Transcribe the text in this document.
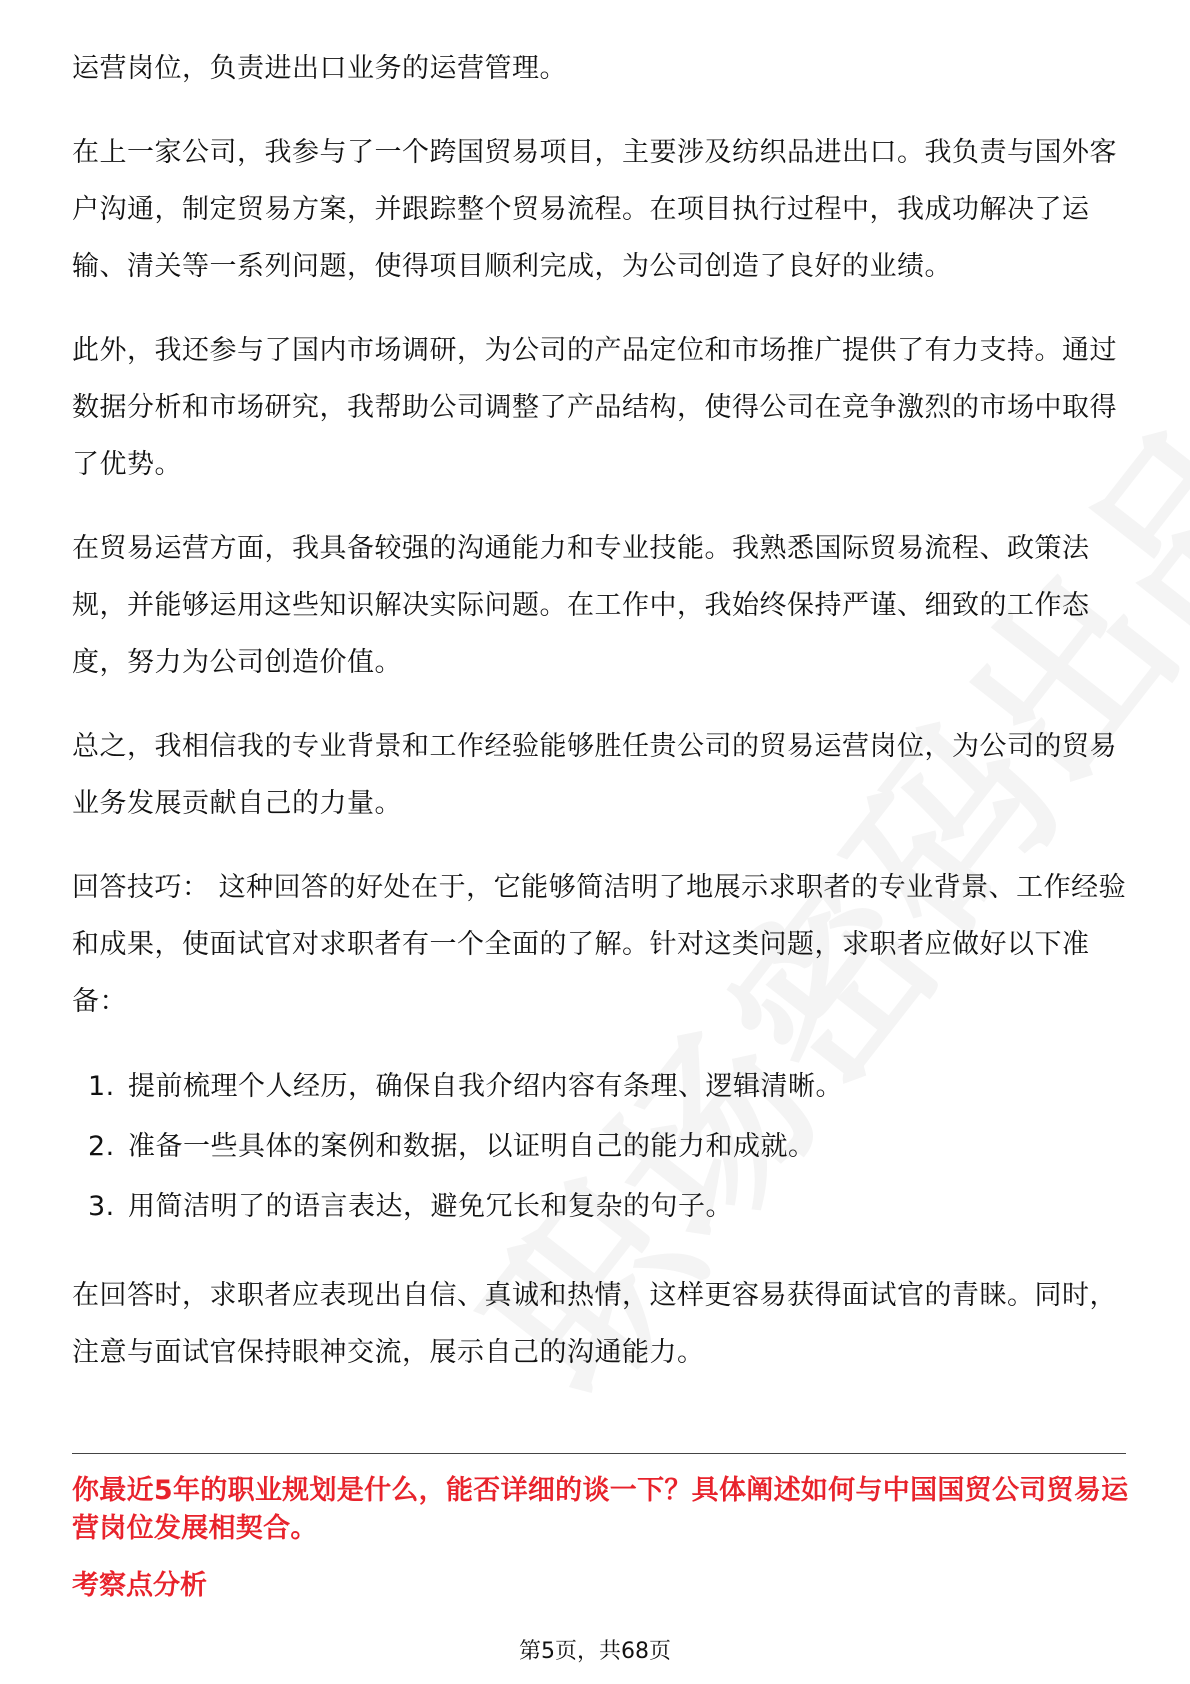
运营岗位，负责进出口业务的运营管理。

在上一家公司，我参与了一个跨国贸易项目，主要涉及纺织品进出口。我负责与国外客户沟通，制定贸易方案，并跟踪整个贸易流程。在项目执行过程中，我成功解决了运输、清关等一系列问题，使得项目顺利完成，为公司创造了良好的业绩。

此外，我还参与了国内市场调研，为公司的产品定位和市场推广提供了有力支持。通过数据分析和市场研究，我帮助公司调整了产品结构，使得公司在竞争激烈的市场中取得了优势。

在贸易运营方面，我具备较强的沟通能力和专业技能。我熟悉国际贸易流程、政策法规，并能够运用这些知识解决实际问题。在工作中，我始终保持严谨、细致的工作态度，努力为公司创造价值。

总之，我相信我的专业背景和工作经验能够胜任贵公司的贸易运营岗位，为公司的贸易业务发展贡献自己的力量。

回答技巧： 这种回答的好处在于，它能够简洁明了地展示求职者的专业背景、工作经验和成果，使面试官对求职者有一个全面的了解。针对这类问题，求职者应做好以下准备：

1. 提前梳理个人经历，确保自我介绍内容有条理、逻辑清晰。
2. 准备一些具体的案例和数据，以证明自己的能力和成就。
3. 用简洁明了的语言表达，避免冗长和复杂的句子。

在回答时，求职者应表现出自信、真诚和热情，这样更容易获得面试官的青睐。同时，注意与面试官保持眼神交流，展示自己的沟通能力。

你最近5年的职业规划是什么，能否详细的谈一下？具体阐述如何与中国国贸公司贸易运营岗位发展相契合。
考察点分析
第5页，共68页
